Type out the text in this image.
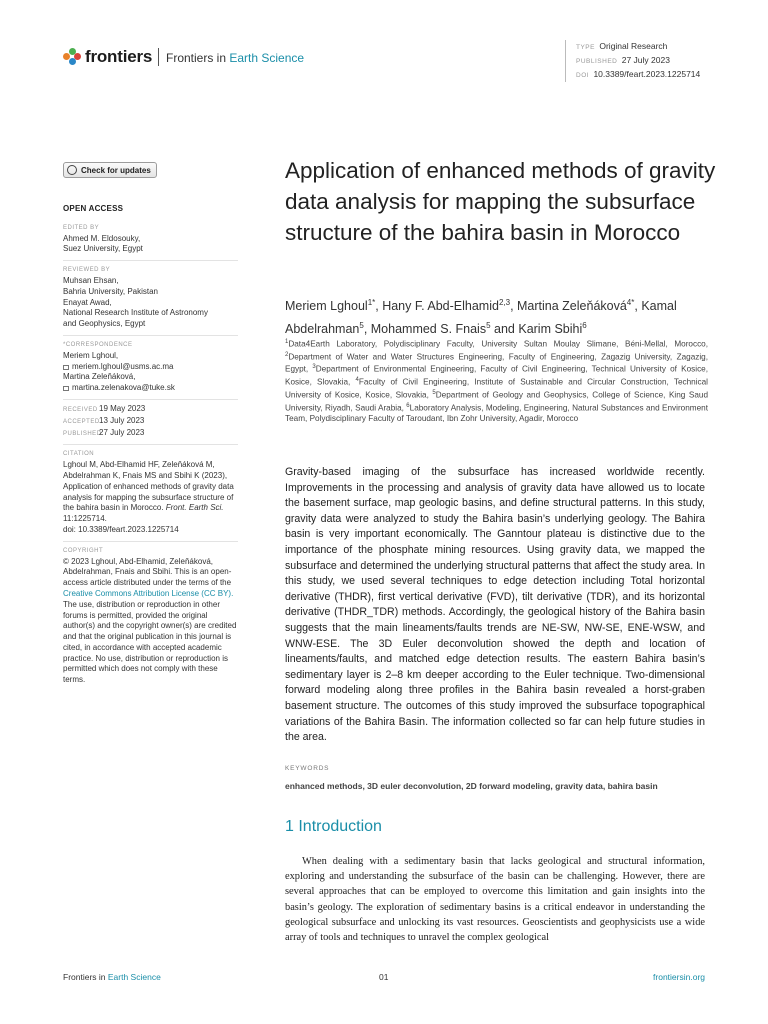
frontiers Frontiers in Earth Science
TYPE Original Research
PUBLISHED 27 July 2023
DOI 10.3389/feart.2023.1225714
Check for updates
OPEN ACCESS
EDITED BY
Ahmed M. Eldosouky,
Suez University, Egypt
REVIEWED BY
Muhsan Ehsan,
Bahria University, Pakistan
Enayat Awad,
National Research Institute of Astronomy
and Geophysics, Egypt
*CORRESPONDENCE
Meriem Lghoul,
meriem.lghoul@usms.ac.ma
Martina Zeleňáková,
martina.zelenakova@tuke.sk
RECEIVED19 May 2023
ACCEPTED13 July 2023
PUBLISHED27 July 2023
CITATION
Lghoul M, Abd-Elhamid HF, Zeleňáková M, Abdelrahman K, Fnais MS and Sbihi K (2023), Application of enhanced methods of gravity data analysis for mapping the subsurface structure of the bahira basin in Morocco. Front. Earth Sci. 11:1225714.
doi: 10.3389/feart.2023.1225714
COPYRIGHT
© 2023 Lghoul, Abd-Elhamid, Zeleňáková, Abdelrahman, Fnais and Sbihi. This is an open-access article distributed under the terms of the Creative Commons Attribution License (CC BY). The use, distribution or reproduction in other forums is permitted, provided the original author(s) and the copyright owner(s) are credited and that the original publication in this journal is cited, in accordance with accepted academic practice. No use, distribution or reproduction is permitted which does not comply with these terms.
Application of enhanced methods of gravity data analysis for mapping the subsurface structure of the bahira basin in Morocco
Meriem Lghoul$^{1*}$, Hany F. Abd-Elhamid$^{2,3}$, Martina Zeleňáková$^{4*}$, Kamal Abdelrahman$^5$, Mohammed S. Fnais$^5$ and Karim Sbihi$^6$
$^1$Data4Earth Laboratory, Polydisciplinary Faculty, University Sultan Moulay Slimane, Béni-Mellal, Morocco, $^2$Department of Water and Water Structures Engineering, Faculty of Engineering, Zagazig University, Zagazig, Egypt, $^3$Department of Environmental Engineering, Faculty of Civil Engineering, Technical University of Kosice, Kosice, Slovakia, $^4$Faculty of Civil Engineering, Institute of Sustainable and Circular Construction, Technical University of Kosice, Kosice, Slovakia, $^5$Department of Geology and Geophysics, College of Science, King Saud University, Riyadh, Saudi Arabia, $^6$Laboratory Analysis, Modeling, Engineering, Natural Substances and Environment Team, Polydisciplinary Faculty of Taroudant, Ibn Zohr University, Agadir, Morocco
Gravity-based imaging of the subsurface has increased worldwide recently. Improvements in the processing and analysis of gravity data have allowed us to locate the basement surface, map geologic basins, and define structural patterns. In this study, gravity data were analyzed to study the Bahira basin’s underlying geology. The Bahira basin is very important economically. The Ganntour plateau is distinctive due to the importance of the phosphate mining resources. Using gravity data, we mapped the subsurface and determined the underlying structural patterns that affect the study area. In this study, we used several techniques to edge detection including Total horizontal derivative (THDR), first vertical derivative (FVD), tilt derivative (TDR), and its horizontal derivative (THDR_TDR) methods. Accordingly, the geological history of the Bahira basin suggests that the main lineaments/faults trends are NE-SW, NW-SE, ENE-WSW, and WNW-ESE. The 3D Euler deconvolution showed the depth and location of lineaments/faults, and matched edge detection results. The eastern Bahira basin’s sedimentary layer is 2–8 km deeper according to the Euler technique. Two-dimensional forward modeling along three profiles in the Bahira basin revealed a horst-graben basement structure. The outcomes of this study improved the subsurface topographical variations of the Bahira Basin. The information collected so far can help future studies in the area.
KEYWORDS
enhanced methods, 3D euler deconvolution, 2D forward modeling, gravity data, bahira basin
1 Introduction
When dealing with a sedimentary basin that lacks geological and structural information, exploring and understanding the subsurface of the basin can be challenging. However, there are several approaches that can be employed to overcome this limitation and gain insights into the basin’s geology. The exploration of sedimentary basins is a critical endeavor in understanding the geological subsurface and unlocking its vast resources. Geoscientists and geophysicists use a wide array of tools and techniques to unravel the complex geological
Frontiers in Earth Science	01	frontiersin.org
